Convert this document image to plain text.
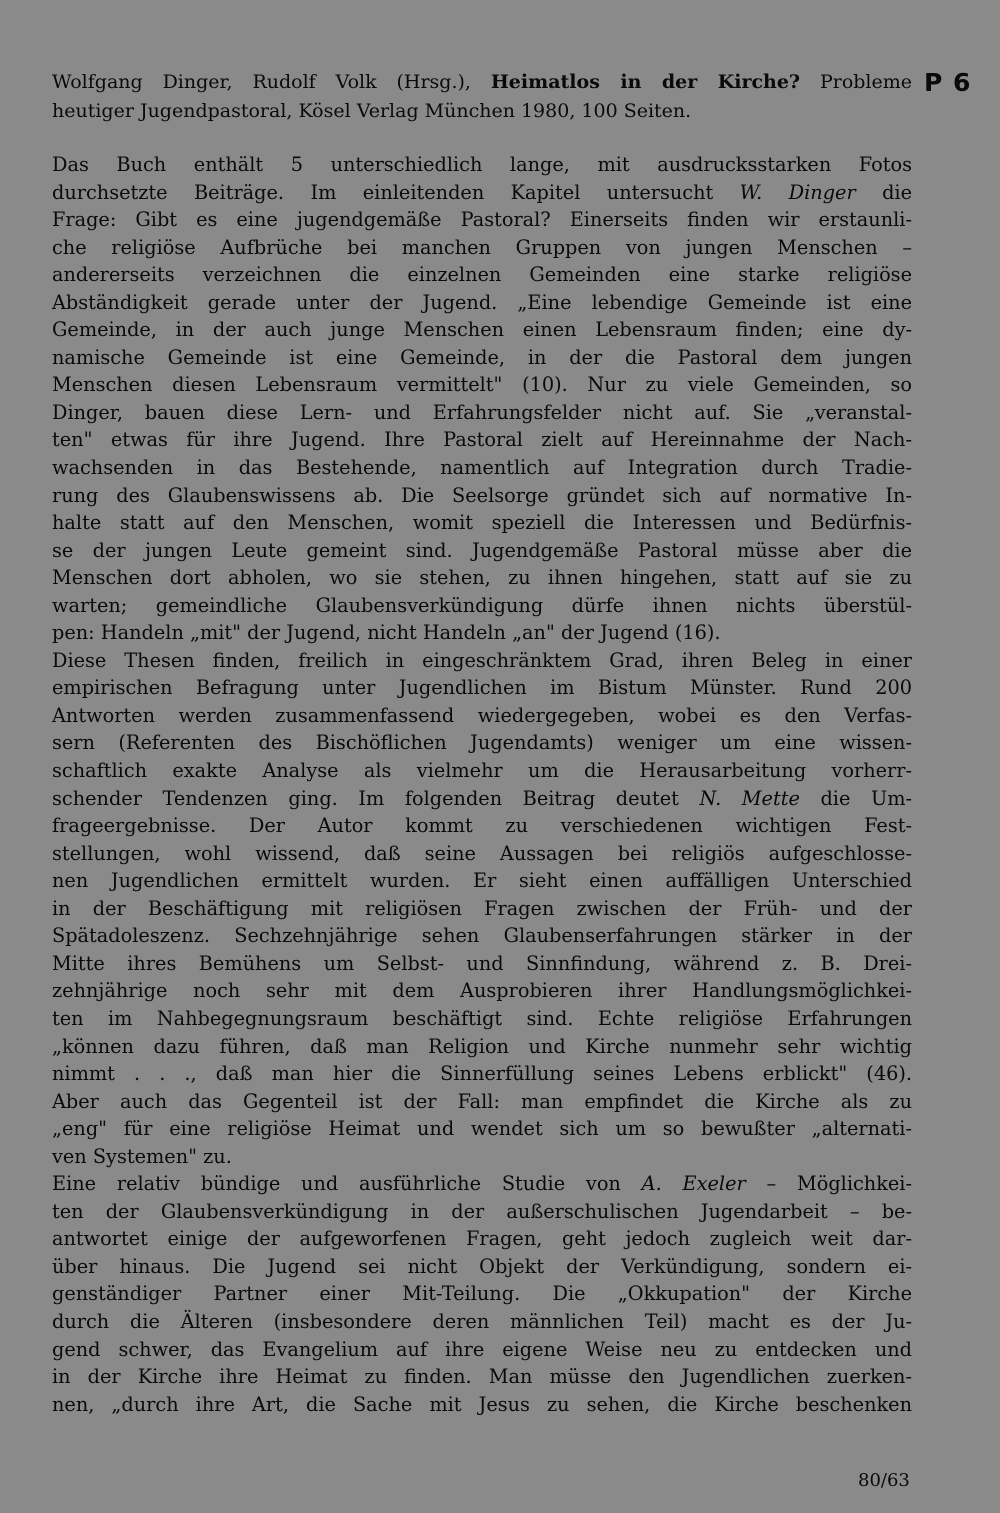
P 6
Wolfgang Dinger, Rudolf Volk (Hrsg.), Heimatlos in der Kirche? Probleme
heutiger Jugendpastoral, Kösel Verlag München 1980, 100 Seiten.
Das Buch enthält 5 unterschiedlich lange, mit ausdrucksstarken Fotos
durchsetzte Beiträge. Im einleitenden Kapitel untersucht W. Dinger die
Frage: Gibt es eine jugendgemäße Pastoral? Einerseits finden wir erstaunli-
che religiöse Aufbrüche bei manchen Gruppen von jungen Menschen –
andererseits verzeichnen die einzelnen Gemeinden eine starke religiöse
Abständigkeit gerade unter der Jugend. „Eine lebendige Gemeinde ist eine
Gemeinde, in der auch junge Menschen einen Lebensraum finden; eine dy-
namische Gemeinde ist eine Gemeinde, in der die Pastoral dem jungen
Menschen diesen Lebensraum vermittelt" (10). Nur zu viele Gemeinden, so
Dinger, bauen diese Lern- und Erfahrungsfelder nicht auf. Sie „veranstal-
ten" etwas für ihre Jugend. Ihre Pastoral zielt auf Hereinnahme der Nach-
wachsenden in das Bestehende, namentlich auf Integration durch Tradie-
rung des Glaubenswissens ab. Die Seelsorge gründet sich auf normative In-
halte statt auf den Menschen, womit speziell die Interessen und Bedürfnis-
se der jungen Leute gemeint sind. Jugendgemäße Pastoral müsse aber die
Menschen dort abholen, wo sie stehen, zu ihnen hingehen, statt auf sie zu
warten; gemeindliche Glaubensverkündigung dürfe ihnen nichts überstül-
pen: Handeln „mit" der Jugend, nicht Handeln „an" der Jugend (16).
Diese Thesen finden, freilich in eingeschränktem Grad, ihren Beleg in einer
empirischen Befragung unter Jugendlichen im Bistum Münster. Rund 200
Antworten werden zusammenfassend wiedergegeben, wobei es den Verfas-
sern (Referenten des Bischöflichen Jugendamts) weniger um eine wissen-
schaftlich exakte Analyse als vielmehr um die Herausarbeitung vorherr-
schender Tendenzen ging. Im folgenden Beitrag deutet N. Mette die Um-
frageergebnisse. Der Autor kommt zu verschiedenen wichtigen Fest-
stellungen, wohl wissend, daß seine Aussagen bei religiös aufgeschlosse-
nen Jugendlichen ermittelt wurden. Er sieht einen auffälligen Unterschied
in der Beschäftigung mit religiösen Fragen zwischen der Früh- und der
Spätadoleszenz. Sechzehnjährige sehen Glaubenserfahrungen stärker in der
Mitte ihres Bemühens um Selbst- und Sinnfindung, während z. B. Drei-
zehnjährige noch sehr mit dem Ausprobieren ihrer Handlungsmöglichkei-
ten im Nahbegegnungsraum beschäftigt sind. Echte religiöse Erfahrungen
„können dazu führen, daß man Religion und Kirche nunmehr sehr wichtig
nimmt . . ., daß man hier die Sinnerfüllung seines Lebens erblickt" (46).
Aber auch das Gegenteil ist der Fall: man empfindet die Kirche als zu
„eng" für eine religiöse Heimat und wendet sich um so bewußter „alternati-
ven Systemen" zu.
Eine relativ bündige und ausführliche Studie von A. Exeler – Möglichkei-
ten der Glaubensverkündigung in der außerschulischen Jugendarbeit – be-
antwortet einige der aufgeworfenen Fragen, geht jedoch zugleich weit dar-
über hinaus. Die Jugend sei nicht Objekt der Verkündigung, sondern ei-
genständiger Partner einer Mit-Teilung. Die „Okkupation" der Kirche
durch die Älteren (insbesondere deren männlichen Teil) macht es der Ju-
gend schwer, das Evangelium auf ihre eigene Weise neu zu entdecken und
in der Kirche ihre Heimat zu finden. Man müsse den Jugendlichen zuerken-
nen, „durch ihre Art, die Sache mit Jesus zu sehen, die Kirche beschenken
80/63
